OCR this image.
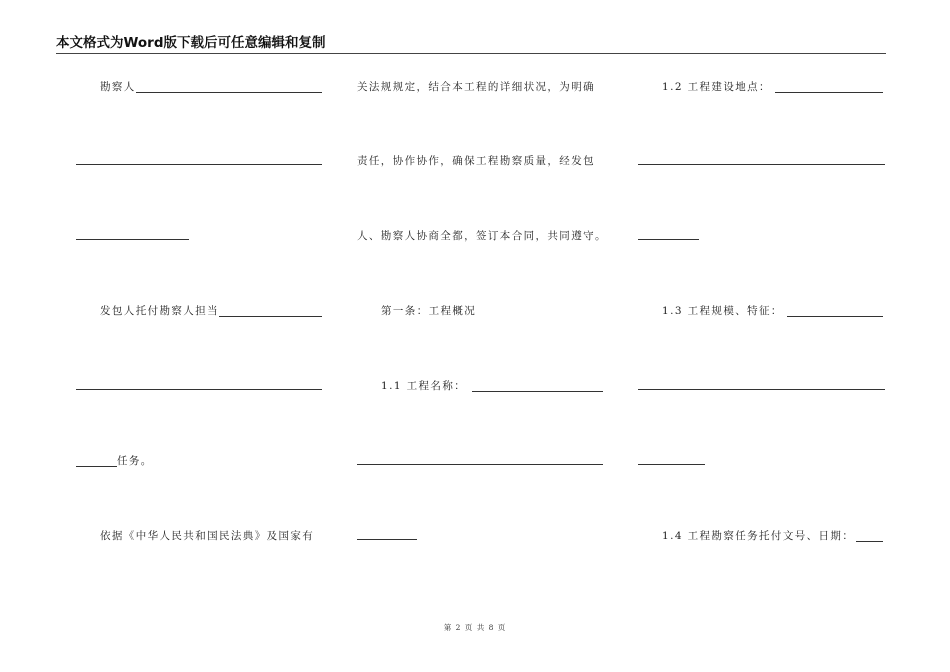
本文格式为Word版下载后可任意编辑和复制
勘察人
发包人托付勘察人担当
任务。
依据《中华人民共和国民法典》及国家有
关法规规定，结合本工程的详细状况，为明确
责任，协作协作，确保工程勘察质量，经发包
人、勘察人协商全都，签订本合同，共同遵守。
第一条：工程概况
1.1 工程名称：
1.2 工程建设地点：
1.3 工程规模、特征：
1.4 工程勘察任务托付文号、日期：
第 2 页 共 8 页
